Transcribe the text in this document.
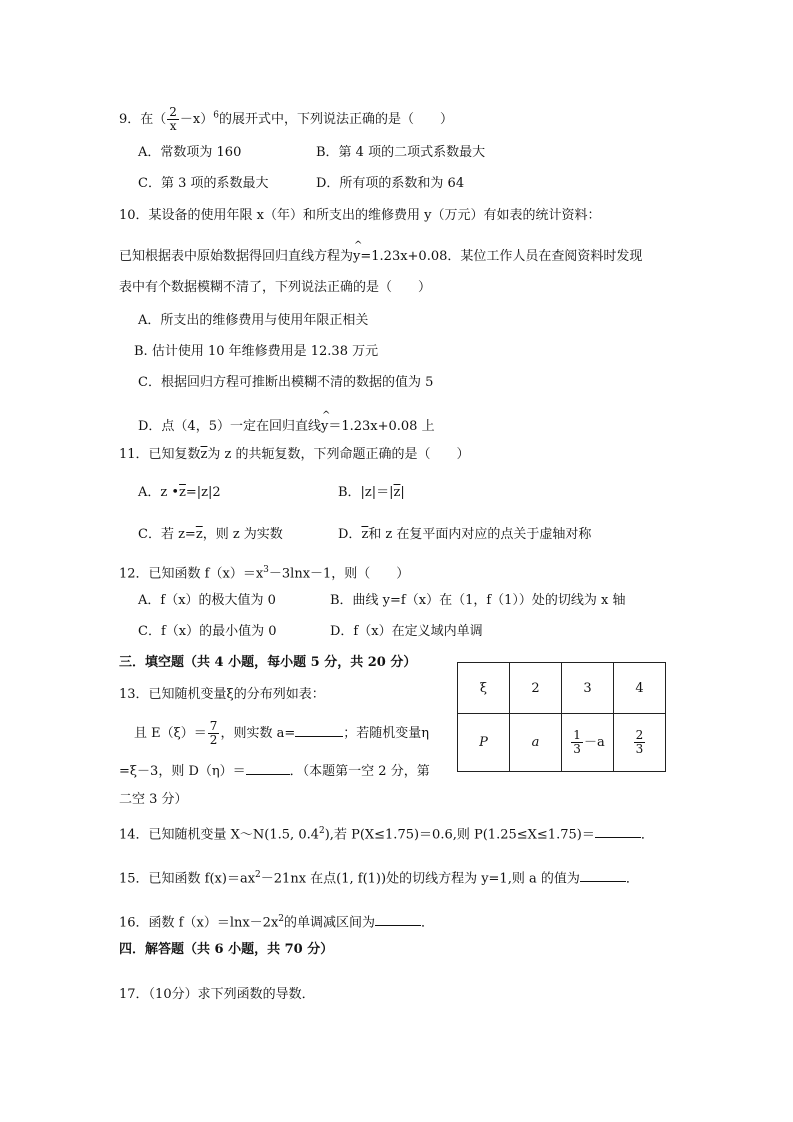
9．在（ $\frac{2}{x} -x)^6$的展开式中，下列说法正确的是（　　）
A．常数项为 160	B．第 4 项的二项式系数最大
C．第 3 项的系数最大	D．所有项的系数和为 64
10．某设备的使用年限 x（年）和所支出的维修费用 y（万元）有如表的统计资料：
已知根据表中原始数据得回归直线方程为^ y=1.23x+0.08．某位工作人员在查阅资料时发现
表中有个数据模糊不清了，下列说法正确的是（　　）
A．所支出的维修费用与使用年限正相关
B. 估计使用 10 年维修费用是 12.38 万元
C．根据回归方程可推断出模糊不清的数据的值为 5
D．点（4，5）一定在回归直线^ y＝1.23x+0.08 上
11．已知复数$\overline{z}$为 z 的共轭复数，下列命题正确的是（　　）
A．z $•\overline{z}=|z|2$	B．$|z|=|\overline{z}|$
C．若 $z=\overline{z}$，则 z 为实数	D．$\overline{z}$和 z 在复平面内对应的点关于虚轴对称
12．已知函数 $f(x)=x^3-3\ln x-1$，则（　　）
A．f（x）的极大值为 0	B．曲线 y=f（x）在（1，f（1））处的切线为 x 轴
C．f（x）的最小值为 0	D．f（x）在定义域内单调
三．填空题（共 4 小题，每小题 5 分，共 20 分）
13．已知随机变量ξ的分布列如表：
且 $E(\xi)= \frac{7}{2}$ ，则实数 a=	；若随机变量η
=ξ－3，则 D（η）＝	．（本题第一空 2 分，第
二空 3 分）
ξ	2	3	4
P	a	$\frac{1}{3} -a$	$\frac{2}{3}$
14．已知随机变量 X～N(1.5, $0.4^2$),若 P(X≤1.75)＝0.6,则 P(1.25≤X≤1.75)＝	．
15．已知函数 $f(x)=ax^2-21nx$ 在点(1, f(1))处的切线方程为 y=1,则 a 的值为	．
16．函数 $f(x)=\ln x-2x^2$的单调减区间为	．
四．解答题（共 6 小题，共 70 分）
17．（10分）求下列函数的导数．
